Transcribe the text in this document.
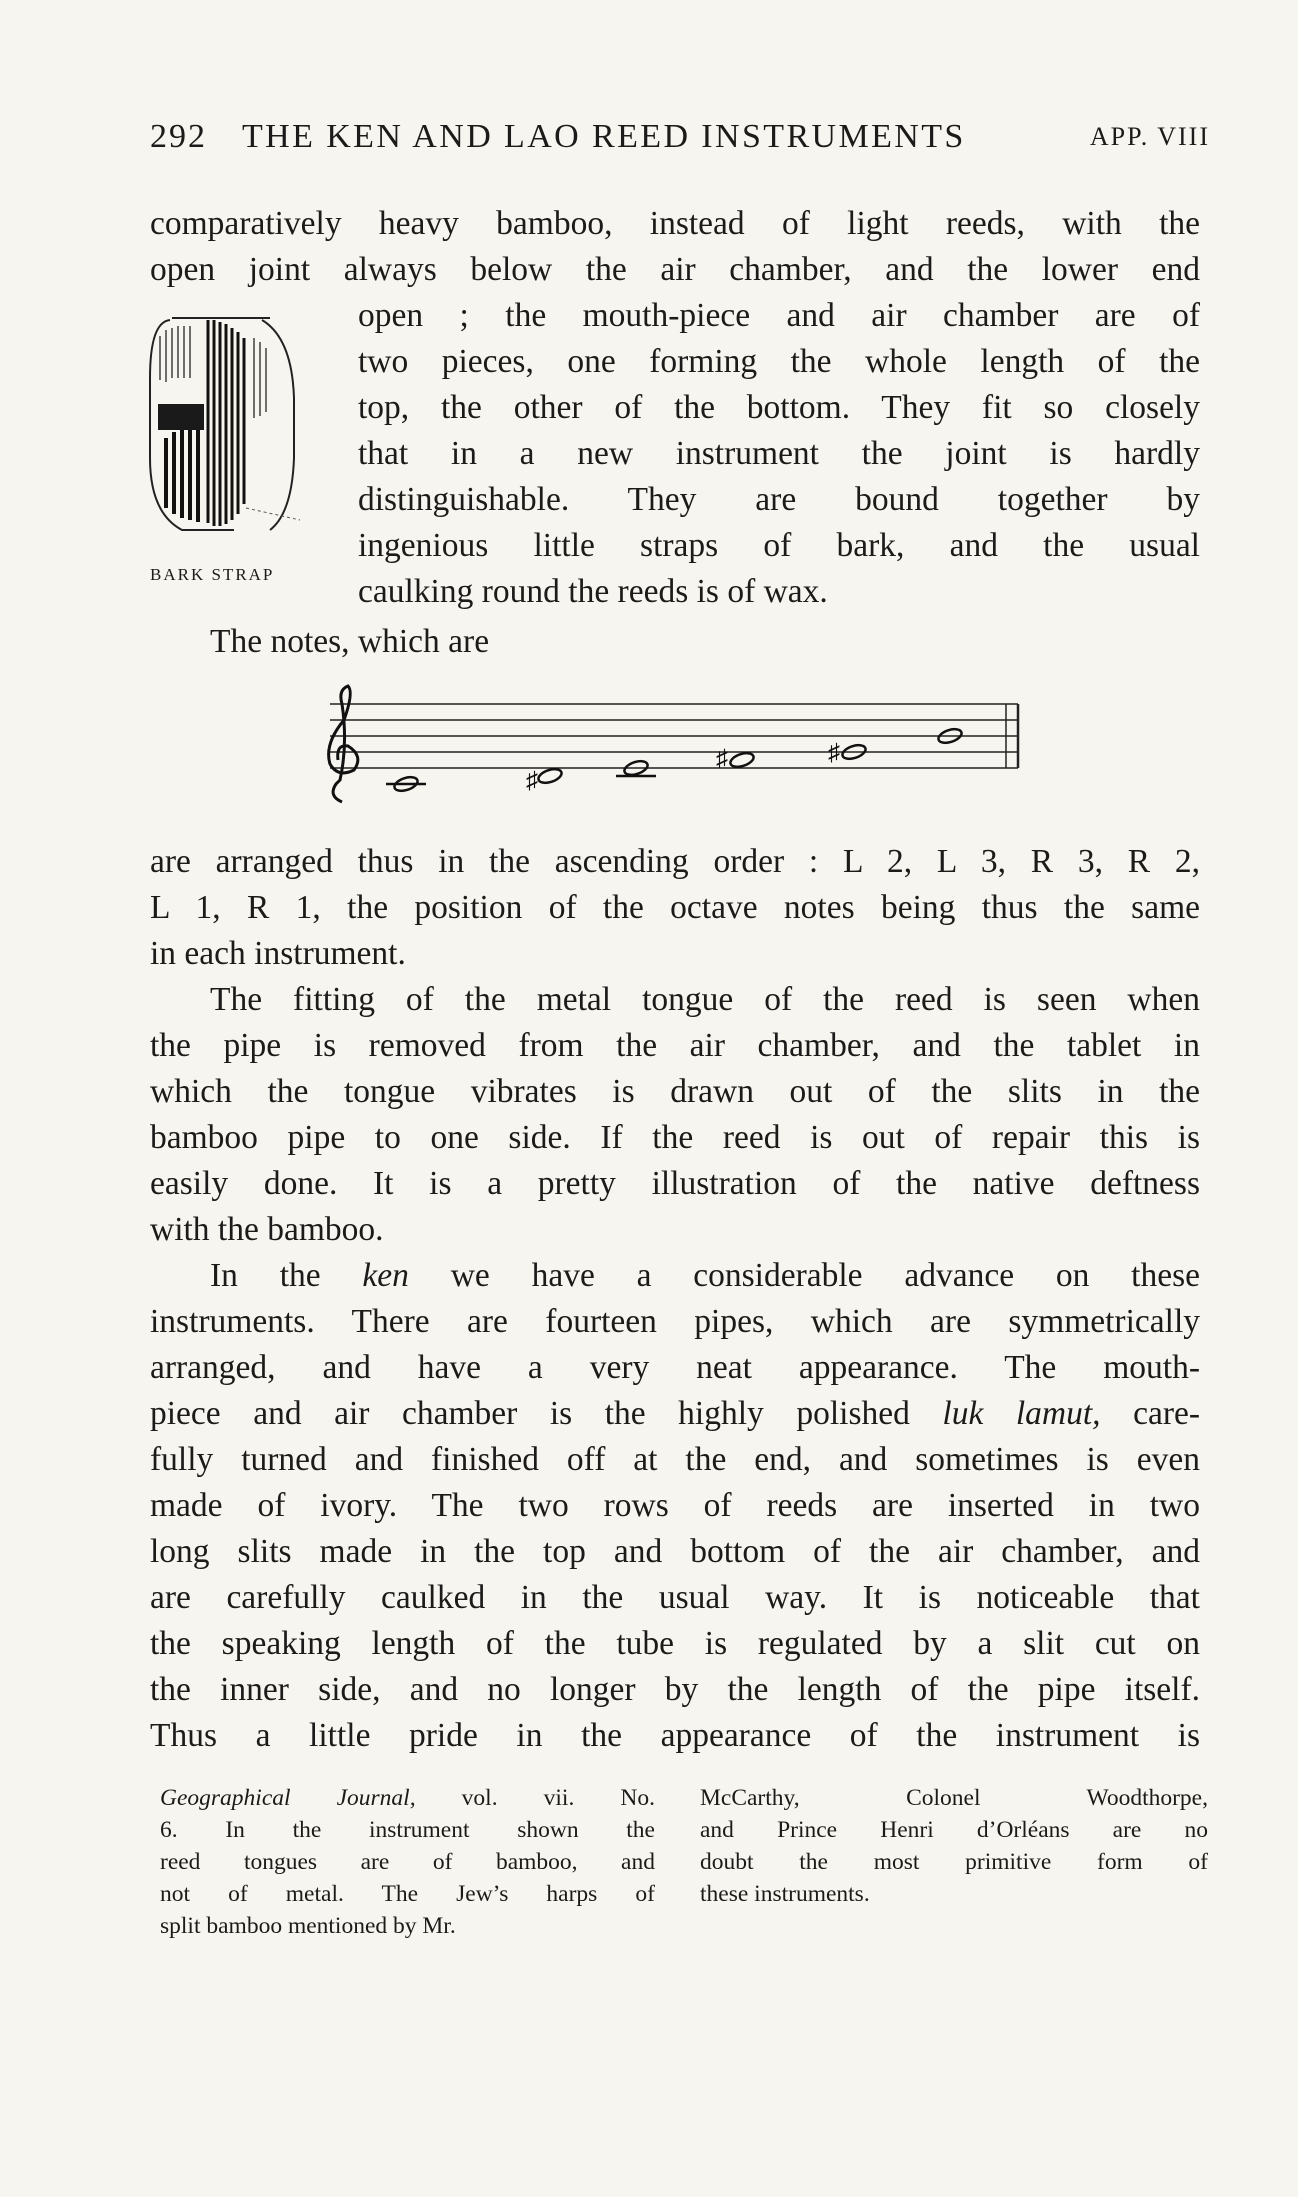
292 THE KEN AND LAO REED INSTRUMENTS	APP. VIII
comparatively heavy bamboo, instead of light reeds, with the
open joint always below the air chamber, and the lower end
open ; the mouth-piece and air chamber are of
two pieces, one forming the whole length of the
top, the other of the bottom. They fit so closely
that in a new instrument the joint is hardly
distinguishable. They are bound together by
ingenious little straps of bark, and the usual
caulking round the reeds is of wax.
The notes, which are
BARK STRAP
♯
♯	♯
are arranged thus in the ascending order : L 2, L 3, R 3, R 2,
L 1, R 1, the position of the octave notes being thus the same
in each instrument.
The fitting of the metal tongue of the reed is seen when
the pipe is removed from the air chamber, and the tablet in
which the tongue vibrates is drawn out of the slits in the
bamboo pipe to one side. If the reed is out of repair this is
easily done. It is a pretty illustration of the native deftness
with the bamboo.
In the ken we have a considerable advance on these
instruments. There are fourteen pipes, which are symmetrically
arranged, and have a very neat appearance. The mouth-
piece and air chamber is the highly polished luk lamut, care-
fully turned and finished off at the end, and sometimes is even
made of ivory. The two rows of reeds are inserted in two
long slits made in the top and bottom of the air chamber, and
are carefully caulked in the usual way. It is noticeable that
the speaking length of the tube is regulated by a slit cut on
the inner side, and no longer by the length of the pipe itself.
Thus a little pride in the appearance of the instrument is
Geographical Journal, vol. vii. No.
6. In the instrument shown the
reed tongues are of bamboo, and
not of metal. The Jew’s harps of
split bamboo mentioned by Mr.
McCarthy, Colonel Woodthorpe,
and Prince Henri d’Orléans are no
doubt the most primitive form of
these instruments.
